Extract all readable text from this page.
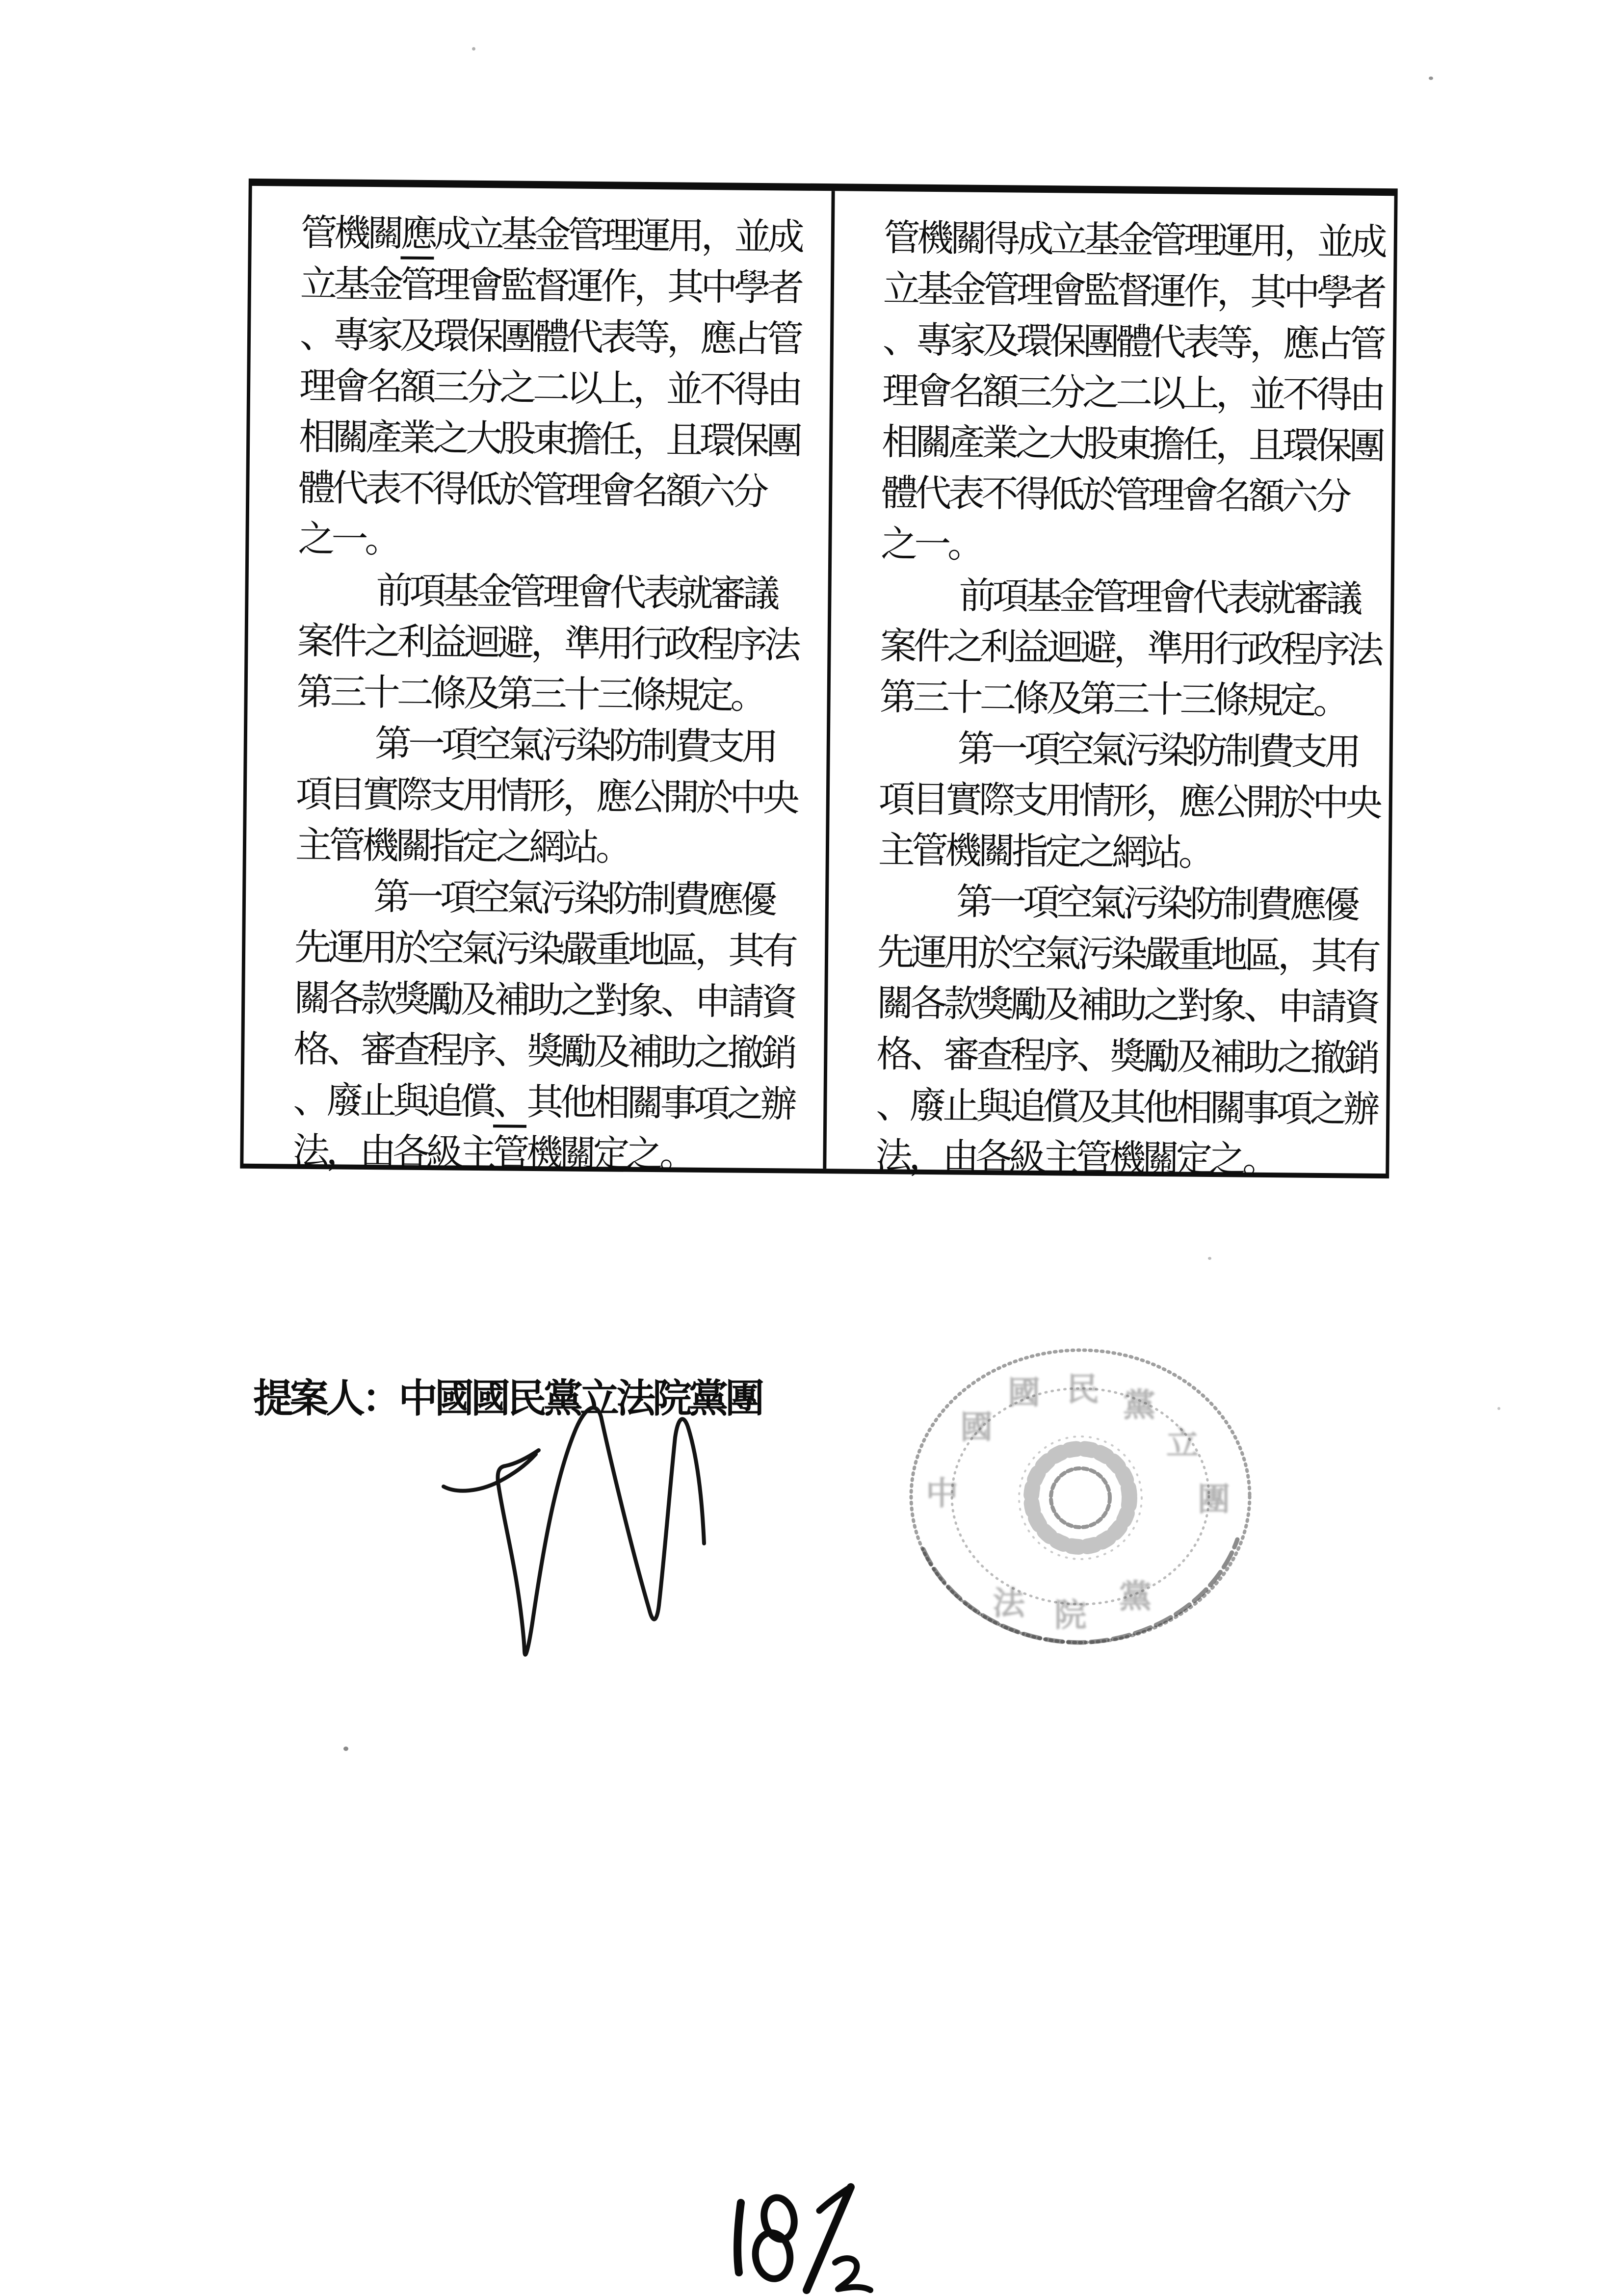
管機關應成立基金管理運用，並成
立基金管理會監督運作，其中學者
、專家及環保團體代表等，應占管
理會名額三分之二以上，並不得由
相關產業之大股東擔任，且環保團
體代表不得低於管理會名額六分
之一。
前項基金管理會代表就審議
案件之利益迴避，準用行政程序法
第三十二條及第三十三條規定。
第一項空氣污染防制費支用
項目實際支用情形，應公開於中央
主管機關指定之網站。
第一項空氣污染防制費應優
先運用於空氣污染嚴重地區，其有
關各款獎勵及補助之對象、申請資
格、審查程序、獎勵及補助之撤銷
、廢止與追償、其他相關事項之辦
法，由各級主管機關定之。
管機關得成立基金管理運用，並成
立基金管理會監督運作，其中學者
、專家及環保團體代表等，應占管
理會名額三分之二以上，並不得由
相關產業之大股東擔任，且環保團
體代表不得低於管理會名額六分
之一。
前項基金管理會代表就審議
案件之利益迴避，準用行政程序法
第三十二條及第三十三條規定。
第一項空氣污染防制費支用
項目實際支用情形，應公開於中央
主管機關指定之網站。
第一項空氣污染防制費應優
先運用於空氣污染嚴重地區，其有
關各款獎勵及補助之對象、申請資
格、審查程序、獎勵及補助之撤銷
、廢止與追償及其他相關事項之辦
法，由各級主管機關定之。
提案人：中國國民黨立法院黨團
中
國
國 民 黨
立
團
法 院
黨
